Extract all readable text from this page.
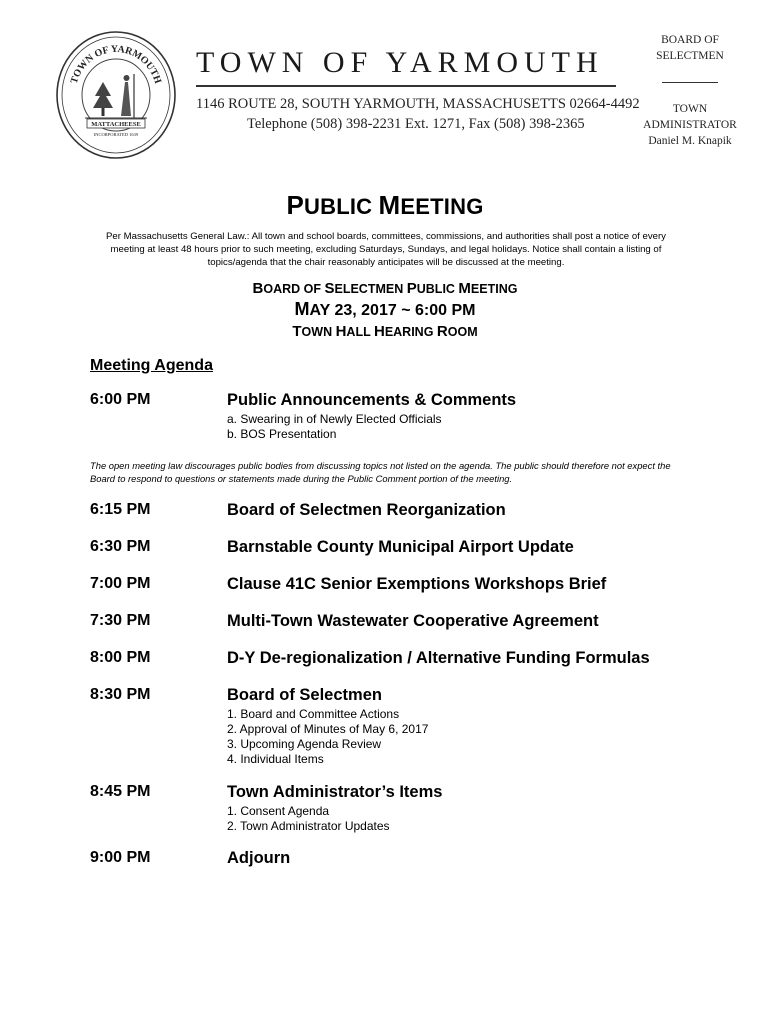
TOWN OF YARMOUTH
MATTACHEESE
INCORPORATED 1639
TOWN OF YARMOUTH
1146 ROUTE 28, SOUTH YARMOUTH, MASSACHUSETTS 02664-4492
Telephone (508) 398-2231 Ext. 1271, Fax (508) 398-2365
BOARD OF
SELECTMEN
TOWN
ADMINISTRATOR
Daniel M. Knapik
PUBLIC MEETING
Per Massachusetts General Law.: All town and school boards, committees, commissions, and authorities shall post a notice of every meeting at least 48 hours prior to such meeting, excluding Saturdays, Sundays, and legal holidays. Notice shall contain a listing of topics/agenda that the chair reasonably anticipates will be discussed at the meeting.
BOARD OF SELECTMEN PUBLIC MEETING
MAY 23, 2017 ~ 6:00 PM
TOWN HALL HEARING ROOM
Meeting Agenda
6:00 PM	Public Announcements & Comments
a. Swearing in of Newly Elected Officials
b. BOS Presentation
The open meeting law discourages public bodies from discussing topics not listed on the agenda. The public should therefore not expect the Board to respond to questions or statements made during the Public Comment portion of the meeting.
6:15 PM	Board of Selectmen Reorganization
6:30 PM	Barnstable County Municipal Airport Update
7:00 PM	Clause 41C Senior Exemptions Workshops Brief
7:30 PM	Multi-Town Wastewater Cooperative Agreement
8:00 PM	D-Y De-regionalization / Alternative Funding Formulas
8:30 PM	Board of Selectmen
1. Board and Committee Actions
2. Approval of Minutes of May 6, 2017
3. Upcoming Agenda Review
4. Individual Items
8:45 PM	Town Administrator’s Items
1. Consent Agenda
2. Town Administrator Updates
9:00 PM	Adjourn
